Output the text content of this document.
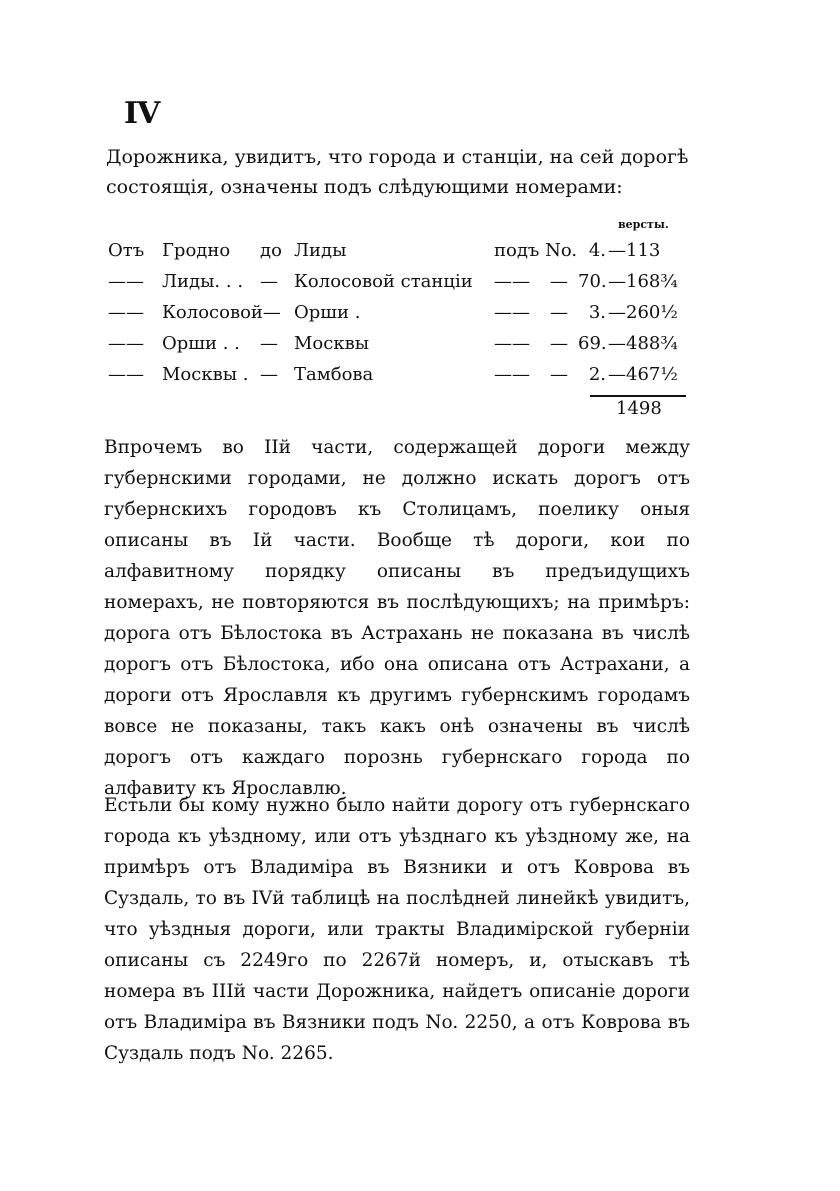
IV

Дорожника, увидитъ, что города и станціи, на сей дорогѣ

состоящія, означены подъ слѣдующими номерами:

версты.
Отъ Гродно до Лиды	подъ No. 4. — 113
—— Лиды. . . — Колосовой станціи —— — 70. — 168¾
—— Колосовой— Орши .	—— —	3. — 260½
—— Орши . . — Москвы	—— — 69. — 488¾
—— Москвы . — Тамбова	—— —	2. — 467½
1498

Впрочемъ во IIй части, содержащей дороги между губернскими городами, не должно искать дорогъ отъ губернскихъ городовъ къ Столицамъ, поелику оныя описаны въ Iй части. Вообще тѣ дороги, кои по алфавитному порядку описаны въ предъидущихъ номерахъ, не повторяются въ послѣдующихъ; на примѣръ: дорога отъ Бѣлостока въ Астрахань не показана въ числѣ дорогъ отъ Бѣлостока, ибо она описана отъ Астрахани, а дороги отъ Ярославля къ другимъ губернскимъ городамъ вовсе не показаны, такъ какъ онѣ означены въ числѣ дорогъ отъ каждаго порознь губернскаго города по алфавиту къ Ярославлю.

Естьли бы кому нужно было найти дорогу отъ губернскаго города къ уѣздному, или отъ уѣзднаго къ уѣздному же, на примѣръ отъ Владиміра въ Вязники и отъ Коврова въ Суздаль, то въ IVй таблицѣ на послѣдней линейкѣ увидитъ, что уѣздныя дороги, или тракты Владимірской губерніи описаны съ 2249го по 2267й номеръ, и, отыскавъ тѣ номера въ IIIй части Дорожника, найдетъ описаніе дороги отъ Владиміра въ Вязники подъ No. 2250, а отъ Коврова въ Суздаль подъ No. 2265.
